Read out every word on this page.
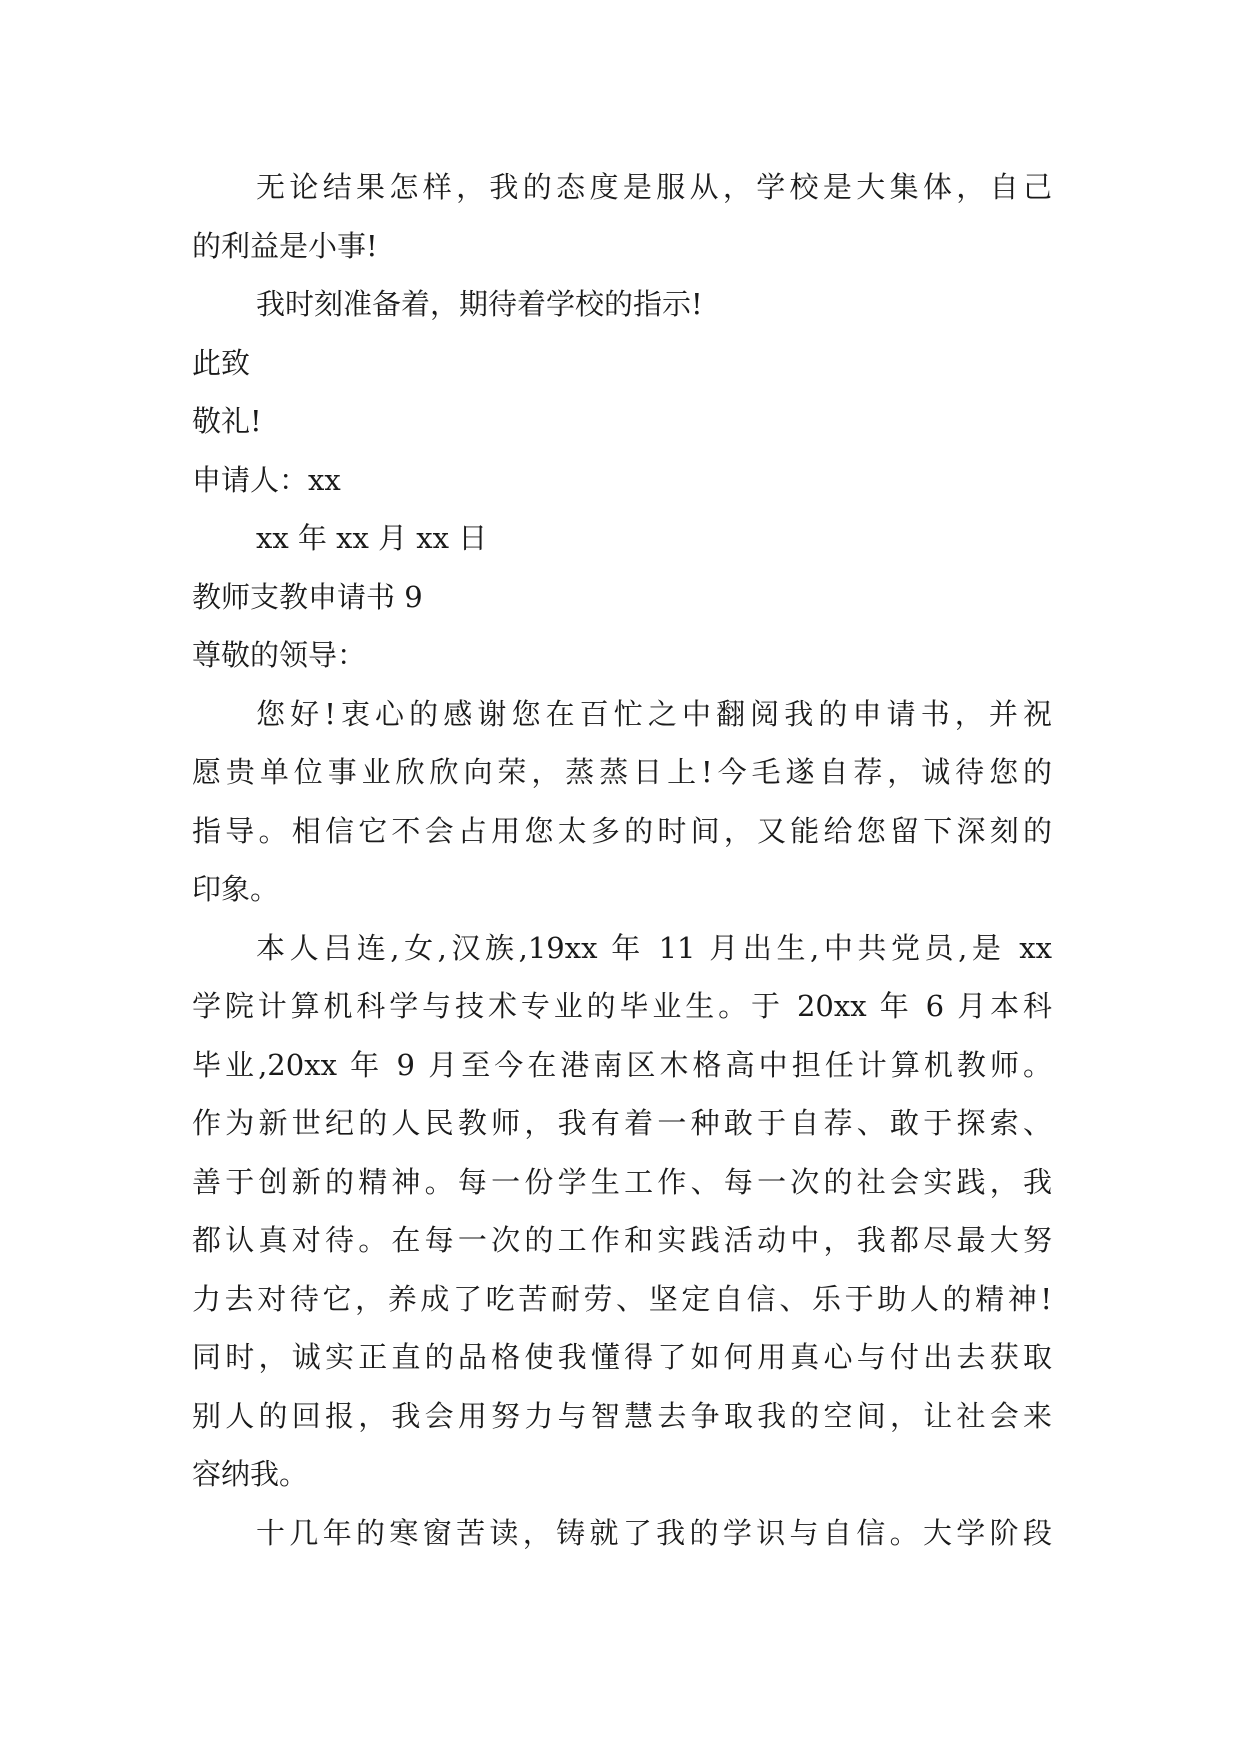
无论结果怎样，我的态度是服从，学校是大集体，自己
的利益是小事!
我时刻准备着，期待着学校的指示!
此致
敬礼!
申请人：xx
xx 年 xx 月 xx 日
教师支教申请书 9
尊敬的领导：
您好!衷心的感谢您在百忙之中翻阅我的申请书，并祝
愿贵单位事业欣欣向荣，蒸蒸日上!今毛遂自荐，诚待您的
指导。相信它不会占用您太多的时间，又能给您留下深刻的
印象。
本人吕连,女,汉族,19xx 年 11 月出生,中共党员,是 xx
学院计算机科学与技术专业的毕业生。于 20xx 年 6 月本科
毕业,20xx 年 9 月至今在港南区木格高中担任计算机教师。
作为新世纪的人民教师，我有着一种敢于自荐、敢于探索、
善于创新的精神。每一份学生工作、每一次的社会实践，我
都认真对待。在每一次的工作和实践活动中，我都尽最大努
力去对待它，养成了吃苦耐劳、坚定自信、乐于助人的精神!
同时，诚实正直的品格使我懂得了如何用真心与付出去获取
别人的回报，我会用努力与智慧去争取我的空间，让社会来
容纳我。
十几年的寒窗苦读，铸就了我的学识与自信。大学阶段
